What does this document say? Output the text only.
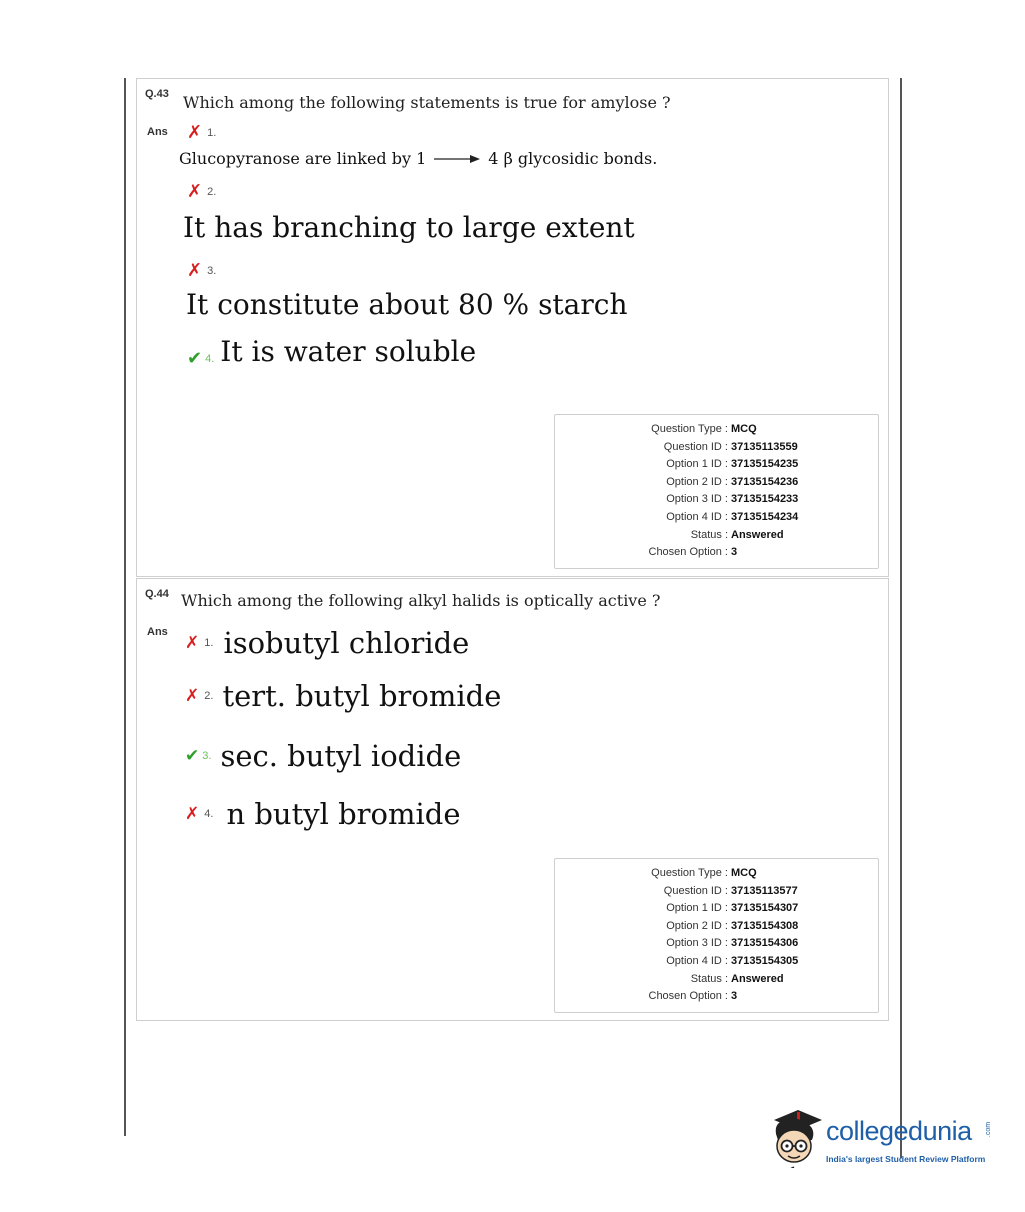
Q.43 Which among the following statements is true for amylose ?
Ans ✗ 1.
Glucopyranose are linked by 1	4 β glycosidic bonds.
✗ 2.
It has branching to large extent
✗ 3.
It constitute about 80 % starch
✔ 4. It is water soluble
Question Type : MCQ
Question ID : 37135113559
Option 1 ID : 37135154235
Option 2 ID : 37135154236
Option 3 ID : 37135154233
Option 4 ID : 37135154234
Status : Answered
Chosen Option : 3
Q.44 Which among the following alkyl halids is optically active ?
Ans
✗ 1. isobutyl chloride
✗ 2. tert. butyl bromide
✔ 3. sec. butyl iodide
✗ 4. n butyl bromide
Question Type : MCQ
Question ID : 37135113577
Option 1 ID : 37135154307
Option 2 ID : 37135154308
Option 3 ID : 37135154306
Option 4 ID : 37135154305
Status : Answered
Chosen Option : 3
collegedunia .com
India's largest Student Review Platform
